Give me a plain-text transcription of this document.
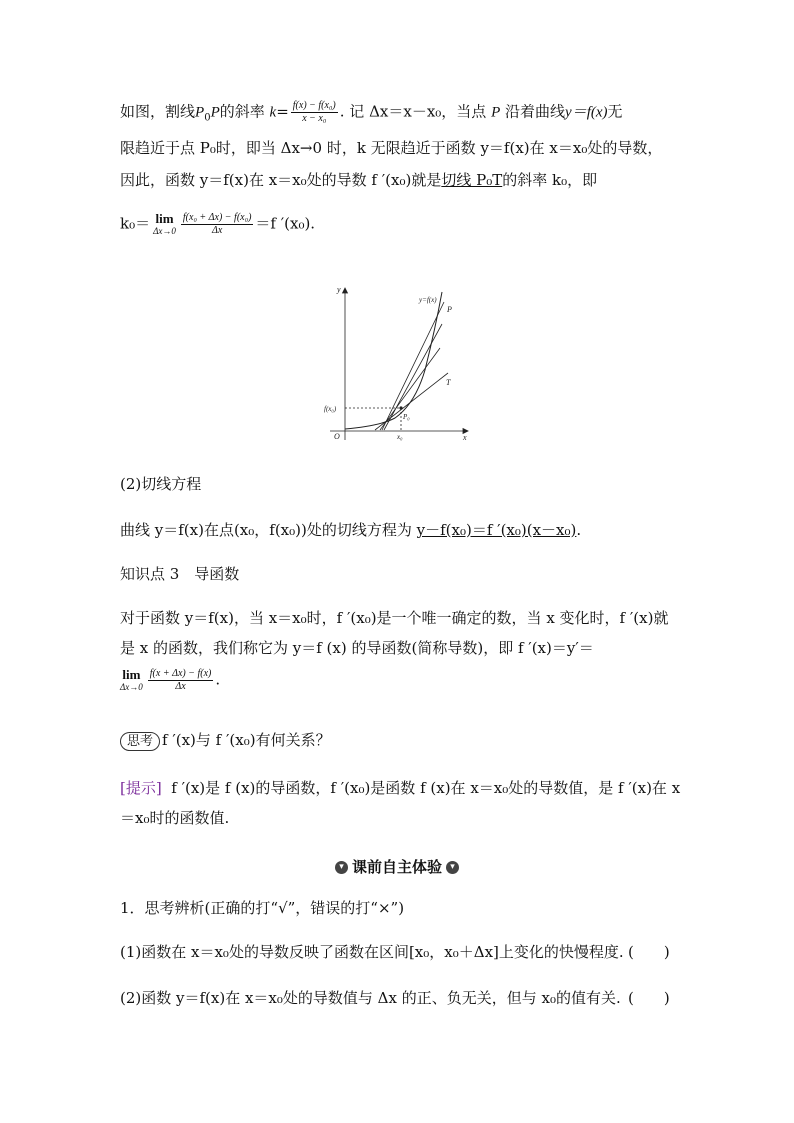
如图，割线$P_0P$的斜率 $k= \frac{\text{f(x) − f(x₀)}}{\text{x − x₀}}$ . 记 Δx＝x－x₀，当点 P 沿着曲线y＝f(x)无
限趋近于点 P₀时，即当 Δx→0 时，k 无限趋近于函数 y＝f(x)在 x＝x₀处的导数，
因此，函数 y＝f(x)在 x＝x₀处的导数 f ′(x₀)就是切线 P₀T的斜率 k₀，即
k₀＝ lim
$\Delta x\to 0 \frac{\text{f(x₀ + Δx) − f(x₀)}}{\Delta x} =f$ ′(x₀).
y
x
O
y=f(x)
P
T
P₀
f(x₀)
x₀
(2)切线方程
曲线 y＝f(x)在点(x₀，f(x₀))处的切线方程为 y－f(x₀)＝f ′(x₀)(x－x₀).
知识点 3　导函数
对于函数 y＝f(x)，当 x＝x₀时，f ′(x₀)是一个唯一确定的数，当 x 变化时，f ′(x)就
是 x 的函数，我们称它为 y＝f (x) 的导函数(简称导数)，即 f ′(x)＝y′＝
lim
$\Delta x\to 0 \frac{f(x + \Delta x) - f(x)}{\Delta x}$ .
思考 f ′(x)与 f ′(x₀)有何关系？
[提示] f ′(x)是 f (x)的导函数，f ′(x₀)是函数 f (x)在 x＝x₀处的导数值，是 f ′(x)在 x
＝x₀时的函数值.
▾ 课前自主体验 ▾
1．思考辨析(正确的打“√”，错误的打“×”)
(1)函数在 x＝x₀处的导数反映了函数在区间[x₀，x₀＋Δx]上变化的快慢程度. (　　)
(2)函数 y＝f(x)在 x＝x₀处的导数值与 Δx 的正、负无关，但与 x₀的值有关. (　　)
